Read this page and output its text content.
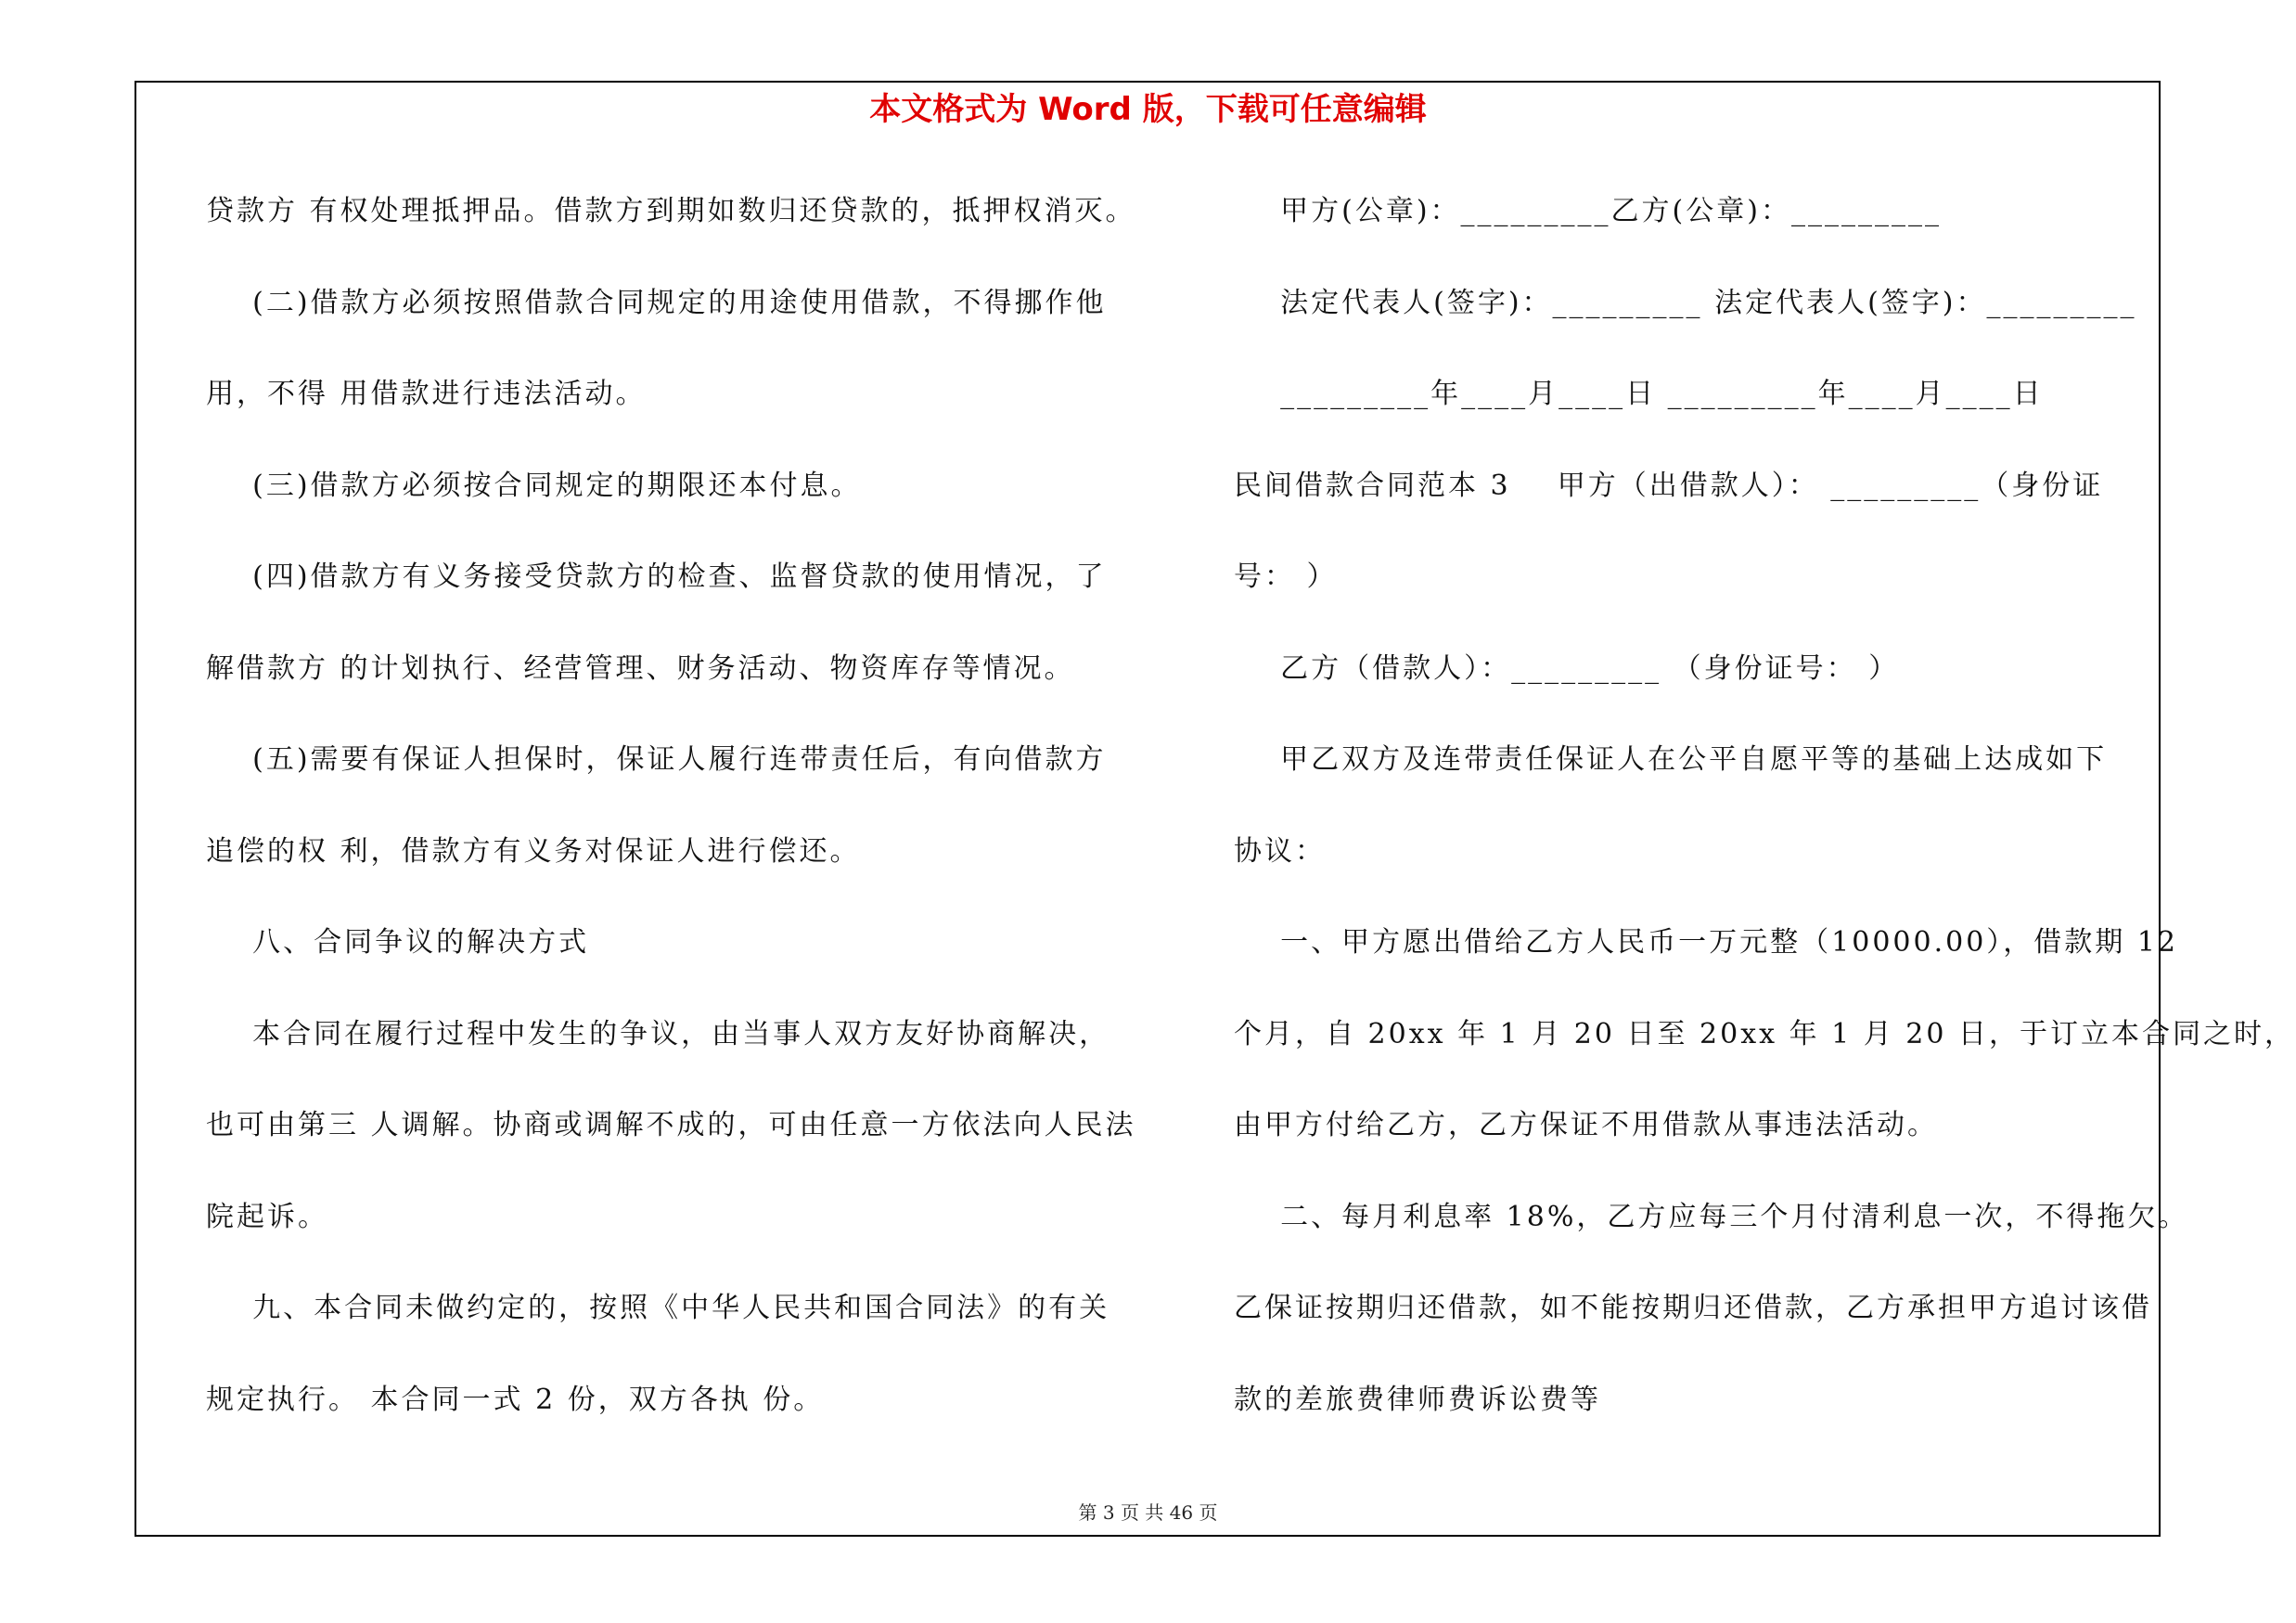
本文格式为 Word 版，下载可任意编辑
贷款方 有权处理抵押品。借款方到期如数归还贷款的，抵押权消灭。
(二)借款方必须按照借款合同规定的用途使用借款，不得挪作他
用，不得 用借款进行违法活动。
(三)借款方必须按合同规定的期限还本付息。
(四)借款方有义务接受贷款方的检查、监督贷款的使用情况，了
解借款方 的计划执行、经营管理、财务活动、物资库存等情况。
(五)需要有保证人担保时，保证人履行连带责任后，有向借款方
追偿的权 利，借款方有义务对保证人进行偿还。
八、合同争议的解决方式
本合同在履行过程中发生的争议，由当事人双方友好协商解决，
也可由第三 人调解。协商或调解不成的，可由任意一方依法向人民法
院起诉。
九、本合同未做约定的，按照《中华人民共和国合同法》的有关
规定执行。 本合同一式 2 份，双方各执 份。
甲方(公章)：_________乙方(公章)：_________
法定代表人(签字)：_________ 法定代表人(签字)：_________
_________年____月____日 _________年____月____日
民间借款合同范本 3    甲方（出借款人）： _________（身份证
号： ）
乙方（借款人）：_________ （身份证号： ）
甲乙双方及连带责任保证人在公平自愿平等的基础上达成如下
协议：
一、甲方愿出借给乙方人民币一万元整（10000.00），借款期 12
个月，自 20xx 年 1 月 20 日至 20xx 年 1 月 20 日，于订立本合同之时，
由甲方付给乙方，乙方保证不用借款从事违法活动。
二、每月利息率 18%，乙方应每三个月付清利息一次，不得拖欠。
乙保证按期归还借款，如不能按期归还借款，乙方承担甲方追讨该借
款的差旅费律师费诉讼费等
第 3 页 共 46 页
